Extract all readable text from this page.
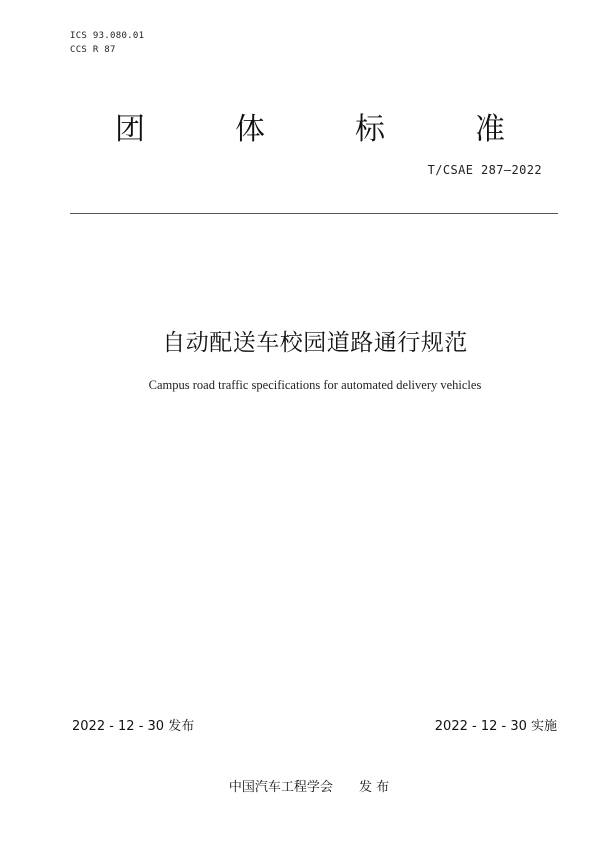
ICS 93.080.01
CCS R 87
团	体	标	准
T/CSAE 287—2022
自动配送车校园道路通行规范
Campus road traffic specifications for automated delivery vehicles
2022 - 12 - 30 发布	2022 - 12 - 30 实施
中国汽车工程学会 发 布
